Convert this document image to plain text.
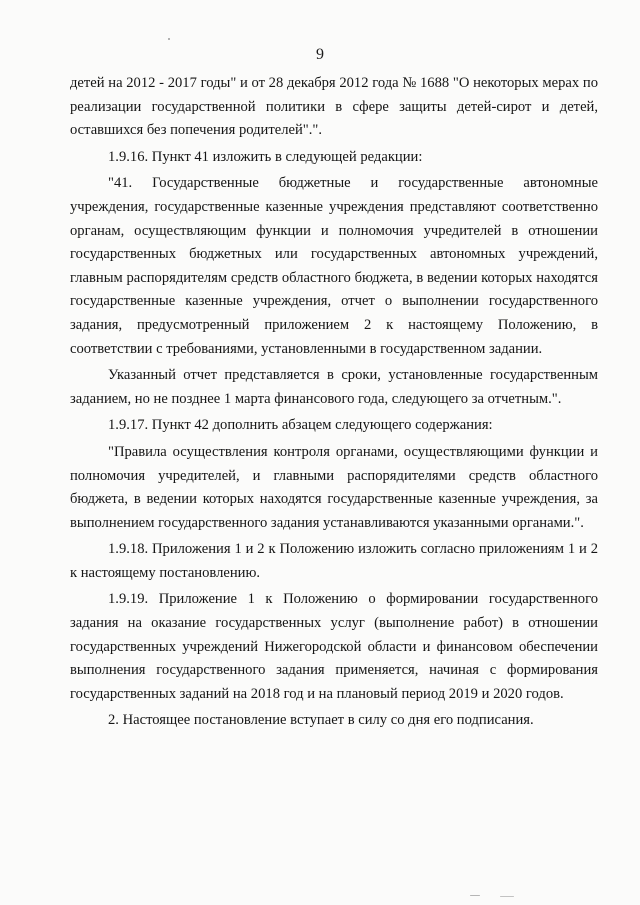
9

детей на 2012 - 2017 годы" и от 28 декабря 2012 года № 1688 "О некоторых мерах по реализации государственной политики в сфере защиты детей-сирот и детей, оставшихся без попечения родителей".".

1.9.16. Пункт 41 изложить в следующей редакции:

"41. Государственные бюджетные и государственные автономные учреждения, государственные казенные учреждения представляют соответственно органам, осуществляющим функции и полномочия учредителей в отношении государственных бюджетных или государственных автономных учреждений, главным распорядителям средств областного бюджета, в ведении которых находятся государственные казенные учреждения, отчет о выполнении государственного задания, предусмотренный приложением 2 к настоящему Положению, в соответствии с требованиями, установленными в государственном задании.

Указанный отчет представляется в сроки, установленные государственным заданием, но не позднее 1 марта финансового года, следующего за отчетным.".

1.9.17. Пункт 42 дополнить абзацем следующего содержания:

"Правила осуществления контроля органами, осуществляющими функции и полномочия учредителей, и главными распорядителями средств областного бюджета, в ведении которых находятся государственные казенные учреждения, за выполнением государственного задания устанавливаются указанными органами.".

1.9.18. Приложения 1 и 2 к Положению изложить согласно приложениям 1 и 2 к настоящему постановлению.

1.9.19. Приложение 1 к Положению о формировании государственного задания на оказание государственных услуг (выполнение работ) в отношении государственных учреждений Нижегородской области и финансовом обеспечении выполнения государственного задания применяется, начиная с формирования государственных заданий на 2018 год и на плановый период 2019 и 2020 годов.

2. Настоящее постановление вступает в силу со дня его подписания.
